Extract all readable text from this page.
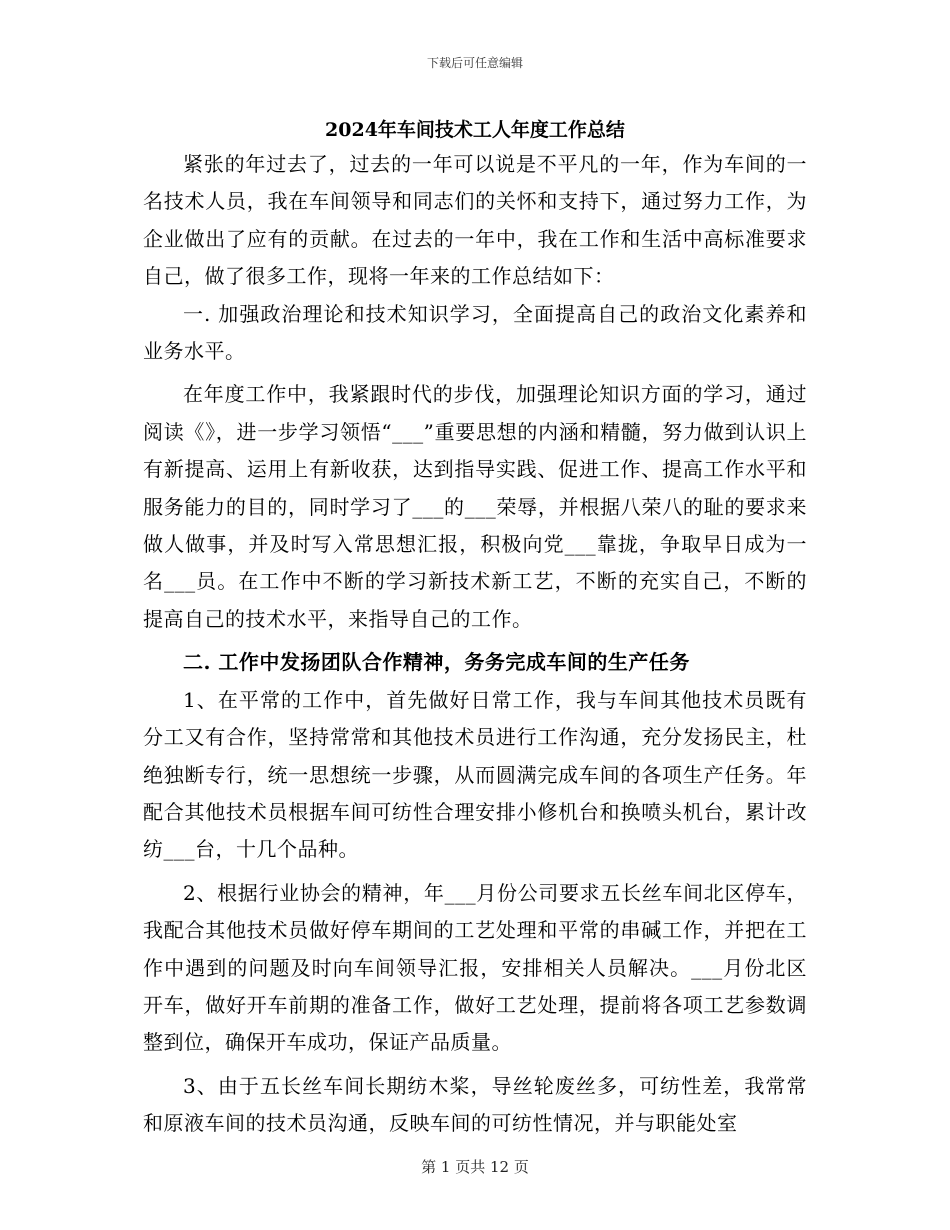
下载后可任意编辑
2024年车间技术工人年度工作总结

紧张的年过去了，过去的一年可以说是不平凡的一年，作为车间的一名技术人员，我在车间领导和同志们的关怀和支持下，通过努力工作，为企业做出了应有的贡献。在过去的一年中，我在工作和生活中高标准要求自己，做了很多工作，现将一年来的工作总结如下：

一. 加强政治理论和技术知识学习，全面提高自己的政治文化素养和业务水平。

在年度工作中，我紧跟时代的步伐，加强理论知识方面的学习，通过阅读《》，进一步学习领悟“___”重要思想的内涵和精髓，努力做到认识上有新提高、运用上有新收获，达到指导实践、促进工作、提高工作水平和服务能力的目的，同时学习了___的___荣辱，并根据八荣八的耻的要求来做人做事，并及时写入常思想汇报，积极向党___靠拢，争取早日成为一名___员。在工作中不断的学习新技术新工艺，不断的充实自己，不断的提高自己的技术水平，来指导自己的工作。

二. 工作中发扬团队合作精神，务务完成车间的生产任务

1、在平常的工作中，首先做好日常工作，我与车间其他技术员既有分工又有合作，坚持常常和其他技术员进行工作沟通，充分发扬民主，杜绝独断专行，统一思想统一步骤，从而圆满完成车间的各项生产任务。年配合其他技术员根据车间可纺性合理安排小修机台和换喷头机台，累计改纺___台，十几个品种。

2、根据行业协会的精神，年___月份公司要求五长丝车间北区停车，我配合其他技术员做好停车期间的工艺处理和平常的串碱工作，并把在工作中遇到的问题及时向车间领导汇报，安排相关人员解决。___月份北区开车，做好开车前期的准备工作，做好工艺处理，提前将各项工艺参数调整到位，确保开车成功，保证产品质量。

3、由于五长丝车间长期纺木桨，导丝轮废丝多，可纺性差，我常常和原液车间的技术员沟通，反映车间的可纺性情况，并与职能处室

第 1 页共 12 页
